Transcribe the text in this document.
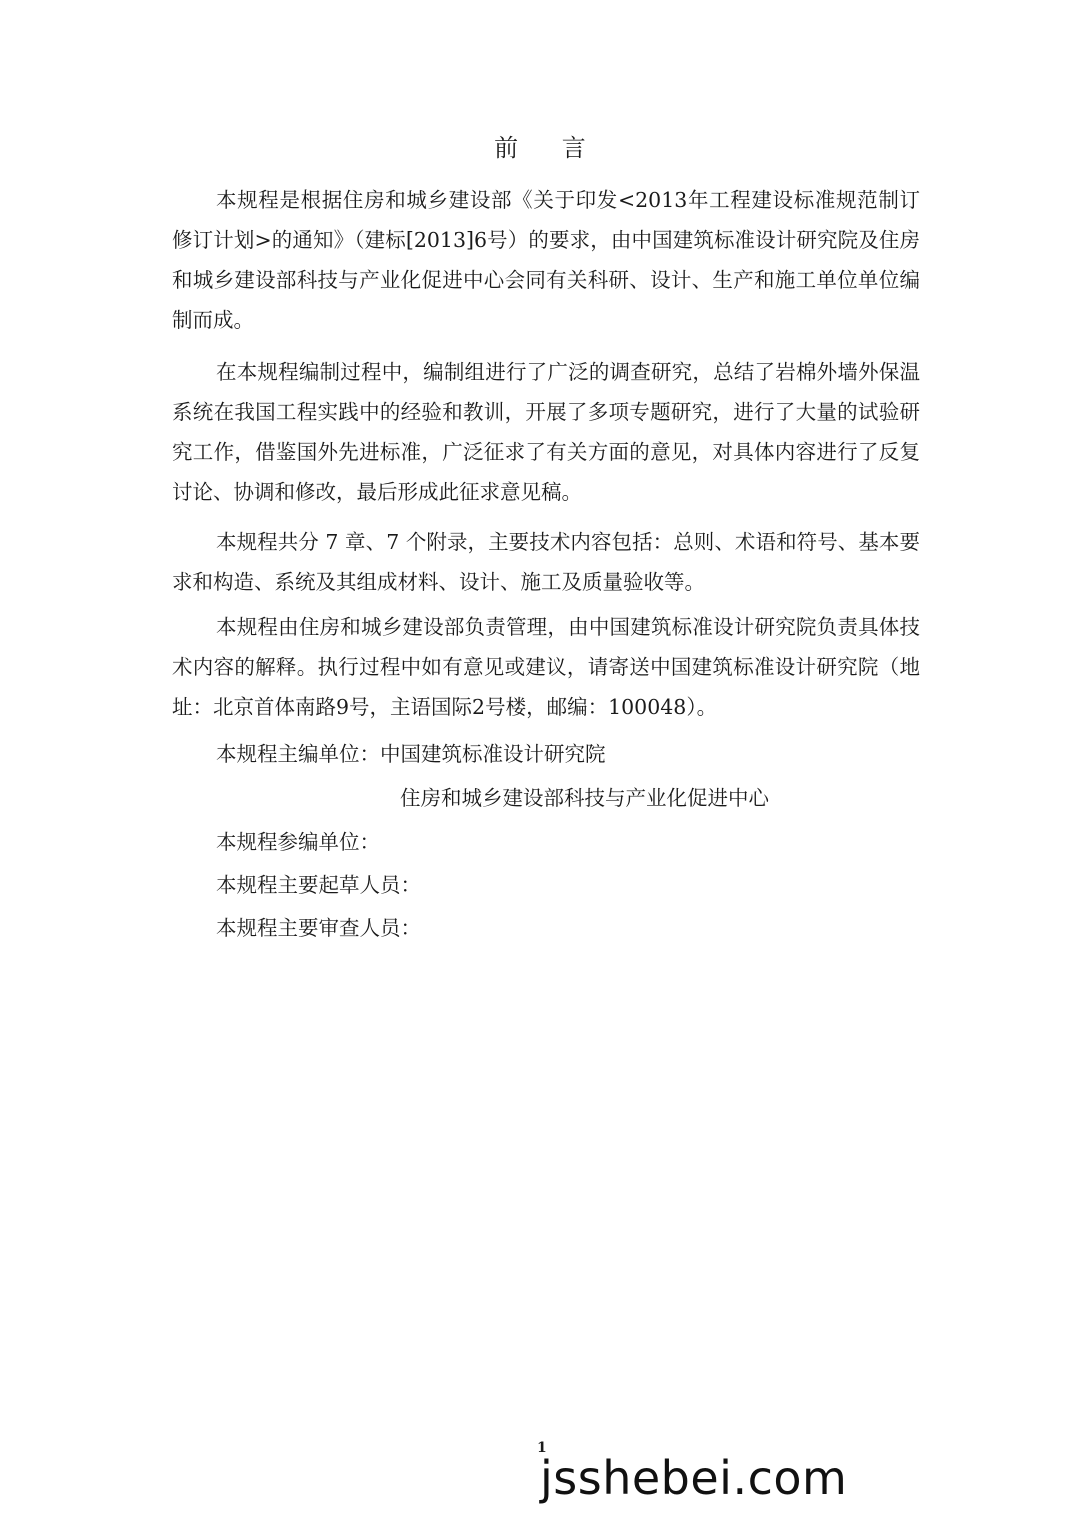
前 言

本规程是根据住房和城乡建设部《关于印发<2013年工程建设标准规范制订修订计划>的通知》（建标[2013]6号）的要求，由中国建筑标准设计研究院及住房和城乡建设部科技与产业化促进中心会同有关科研、设计、生产和施工单位单位编制而成。

在本规程编制过程中，编制组进行了广泛的调查研究，总结了岩棉外墙外保温系统在我国工程实践中的经验和教训，开展了多项专题研究，进行了大量的试验研究工作，借鉴国外先进标准，广泛征求了有关方面的意见，对具体内容进行了反复讨论、协调和修改，最后形成此征求意见稿。

本规程共分 7 章、7 个附录，主要技术内容包括：总则、术语和符号、基本要求和构造、系统及其组成材料、设计、施工及质量验收等。

本规程由住房和城乡建设部负责管理，由中国建筑标准设计研究院负责具体技术内容的解释。执行过程中如有意见或建议，请寄送中国建筑标准设计研究院（地址：北京首体南路9号，主语国际2号楼，邮编：100048）。

本规程主编单位：中国建筑标准设计研究院
住房和城乡建设部科技与产业化促进中心
本规程参编单位：
本规程主要起草人员：
本规程主要审查人员：
1
jsshebei.com
